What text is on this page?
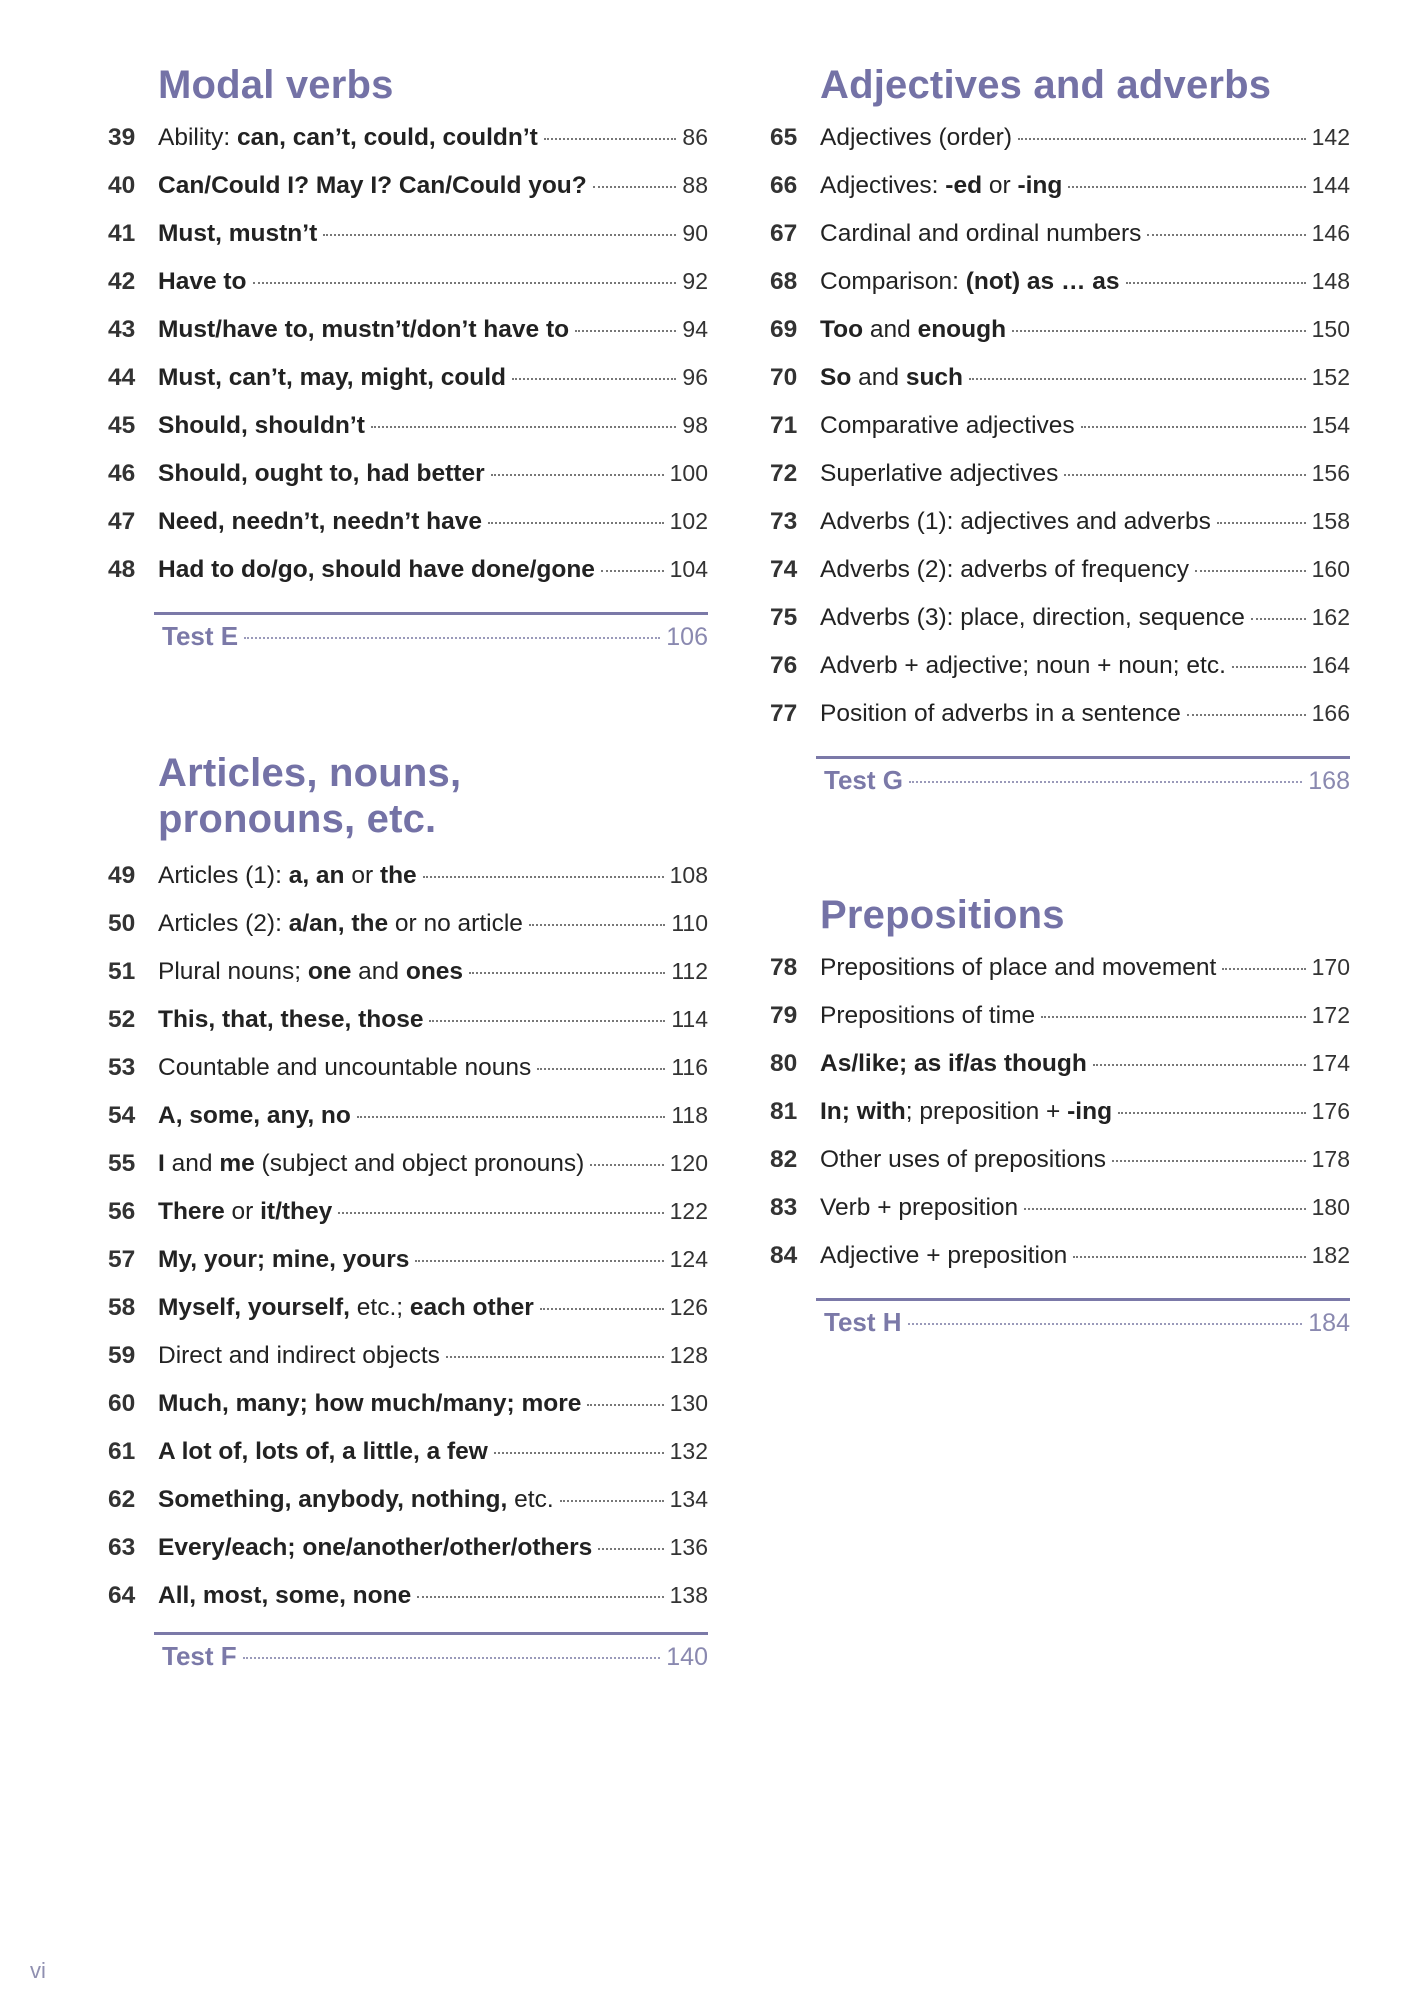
Modal verbs
39 Ability: can, can’t, could, couldn’t	86
40 Can/Could I? May I? Can/Could you?	88
41 Must, mustn’t	90
42 Have to	92
43 Must/have to, mustn’t/don’t have to	94
44 Must, can’t, may, might, could	96
45 Should, shouldn’t	98
46 Should, ought to, had better	100
47 Need, needn’t, needn’t have	102
48 Had to do/go, should have done/gone	104
Test E	106
Articles, nouns,
pronouns, etc.
49 Articles (1): a, an or the	108
50 Articles (2): a/an, the or no article	110
51 Plural nouns; one and ones	112
52 This, that, these, those	114
53 Countable and uncountable nouns	116
54 A, some, any, no	118
55 I and me (subject and object pronouns)	120
56 There or it/they	122
57 My, your; mine, yours	124
58 Myself, yourself, etc.; each other	126
59 Direct and indirect objects	128
60 Much, many; how much/many; more	130
61 A lot of, lots of, a little, a few	132
62 Something, anybody, nothing, etc.	134
63 Every/each; one/another/other/others	136
64 All, most, some, none	138
Test F	140
Adjectives and adverbs
65 Adjectives (order)	142
66 Adjectives: -ed or -ing	144
67 Cardinal and ordinal numbers	146
68 Comparison: (not) as … as	148
69 Too and enough	150
70 So and such	152
71 Comparative adjectives	154
72 Superlative adjectives	156
73 Adverbs (1): adjectives and adverbs	158
74 Adverbs (2): adverbs of frequency	160
75 Adverbs (3): place, direction, sequence	162
76 Adverb + adjective; noun + noun; etc.	164
77 Position of adverbs in a sentence	166
Test G	168
Prepositions
78 Prepositions of place and movement	170
79 Prepositions of time	172
80 As/like; as if/as though	174
81 In; with; preposition + -ing	176
82 Other uses of prepositions	178
83 Verb + preposition	180
84 Adjective + preposition	182
Test H	184
vi
